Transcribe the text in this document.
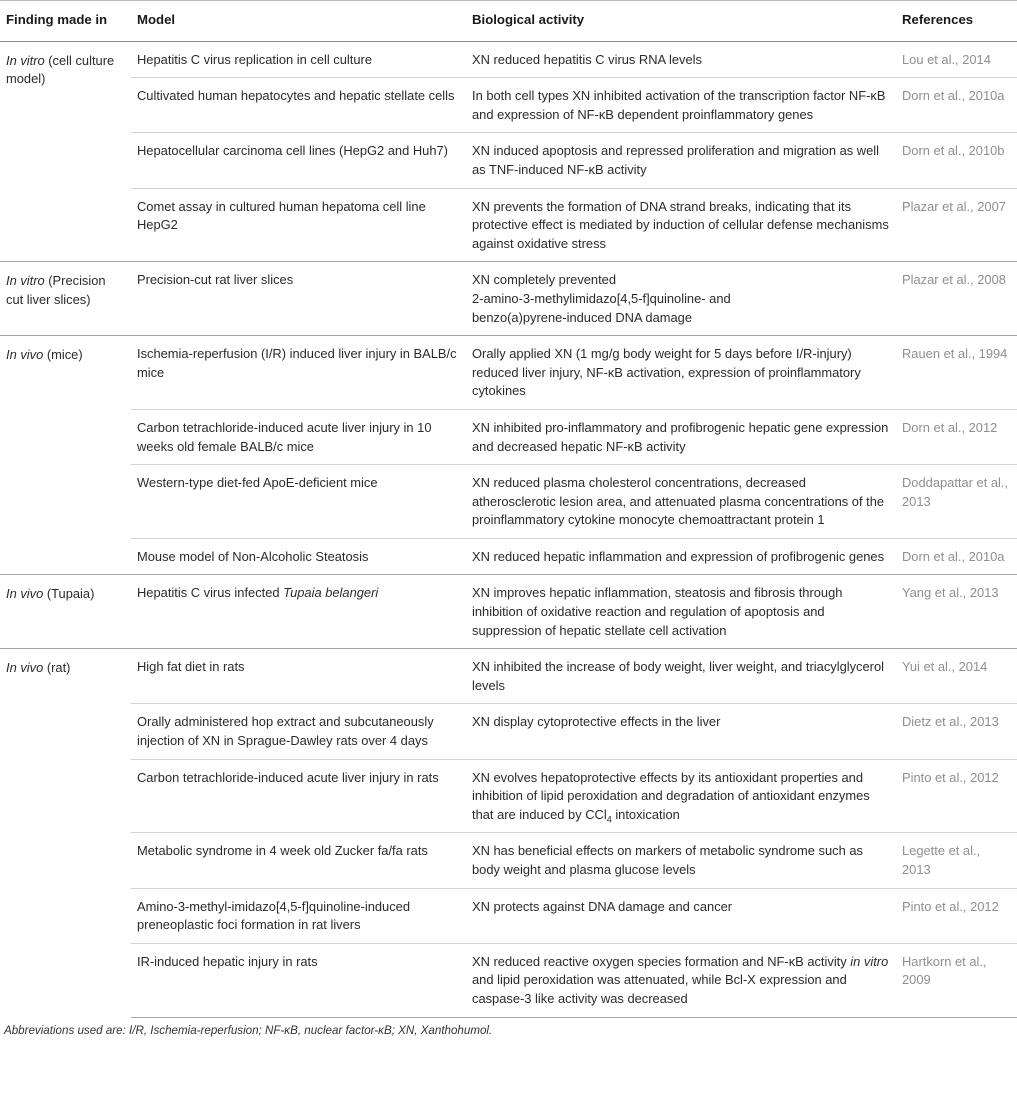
Finding made in	Model	Biological activity	References
In vitro (cell culture model)	Hepatitis C virus replication in cell culture	XN reduced hepatitis C virus RNA levels	Lou et al., 2014
	Cultivated human hepatocytes and hepatic stellate cells	In both cell types XN inhibited activation of the transcription factor NF-κB and expression of NF-κB dependent proinflammatory genes	Dorn et al., 2010a
	Hepatocellular carcinoma cell lines (HepG2 and Huh7)	XN induced apoptosis and repressed proliferation and migration as well as TNF-induced NF-κB activity	Dorn et al., 2010b
	Comet assay in cultured human hepatoma cell line HepG2	XN prevents the formation of DNA strand breaks, indicating that its protective effect is mediated by induction of cellular defense mechanisms against oxidative stress	Plazar et al., 2007
In vitro (Precision cut liver slices)	Precision-cut rat liver slices	XN completely prevented
2-amino-3-methylimidazo[4,5-f]quinoline- and
benzo(a)pyrene-induced DNA damage	Plazar et al., 2008
In vivo (mice)	Ischemia-reperfusion (I/R) induced liver injury in BALB/c mice	Orally applied XN (1 mg/g body weight for 5 days before I/R-injury) reduced liver injury, NF-κB activation, expression of proinflammatory cytokines	Rauen et al., 1994
	Carbon tetrachloride-induced acute liver injury in 10 weeks old female BALB/c mice	XN inhibited pro-inflammatory and profibrogenic hepatic gene expression and decreased hepatic NF-κB activity	Dorn et al., 2012
	Western-type diet-fed ApoE-deficient mice	XN reduced plasma cholesterol concentrations, decreased atherosclerotic lesion area, and attenuated plasma concentrations of the proinflammatory cytokine monocyte chemoattractant protein 1	Doddapattar et al., 2013
	Mouse model of Non-Alcoholic Steatosis	XN reduced hepatic inflammation and expression of profibrogenic genes	Dorn et al., 2010a
In vivo (Tupaia)	Hepatitis C virus infected Tupaia belangeri	XN improves hepatic inflammation, steatosis and fibrosis through inhibition of oxidative reaction and regulation of apoptosis and suppression of hepatic stellate cell activation	Yang et al., 2013
In vivo (rat)	High fat diet in rats	XN inhibited the increase of body weight, liver weight, and triacylglycerol levels	Yui et al., 2014
	Orally administered hop extract and subcutaneously injection of XN in Sprague-Dawley rats over 4 days	XN display cytoprotective effects in the liver	Dietz et al., 2013
	Carbon tetrachloride-induced acute liver injury in rats	XN evolves hepatoprotective effects by its antioxidant properties and inhibition of lipid peroxidation and degradation of antioxidant enzymes that are induced by CCl$_4$ intoxication	Pinto et al., 2012
	Metabolic syndrome in 4 week old Zucker fa/fa rats	XN has beneficial effects on markers of metabolic syndrome such as body weight and plasma glucose levels	Legette et al., 2013
	Amino-3-methyl-imidazo[4,5-f]quinoline-induced preneoplastic foci formation in rat livers	XN protects against DNA damage and cancer	Pinto et al., 2012
	IR-induced hepatic injury in rats	XN reduced reactive oxygen species formation and NF-κB activity in vitro and lipid peroxidation was attenuated, while Bcl-X expression and caspase-3 like activity was decreased	Hartkorn et al., 2009
Abbreviations used are: I/R, Ischemia-reperfusion; NF-κB, nuclear factor-κB; XN, Xanthohumol.
